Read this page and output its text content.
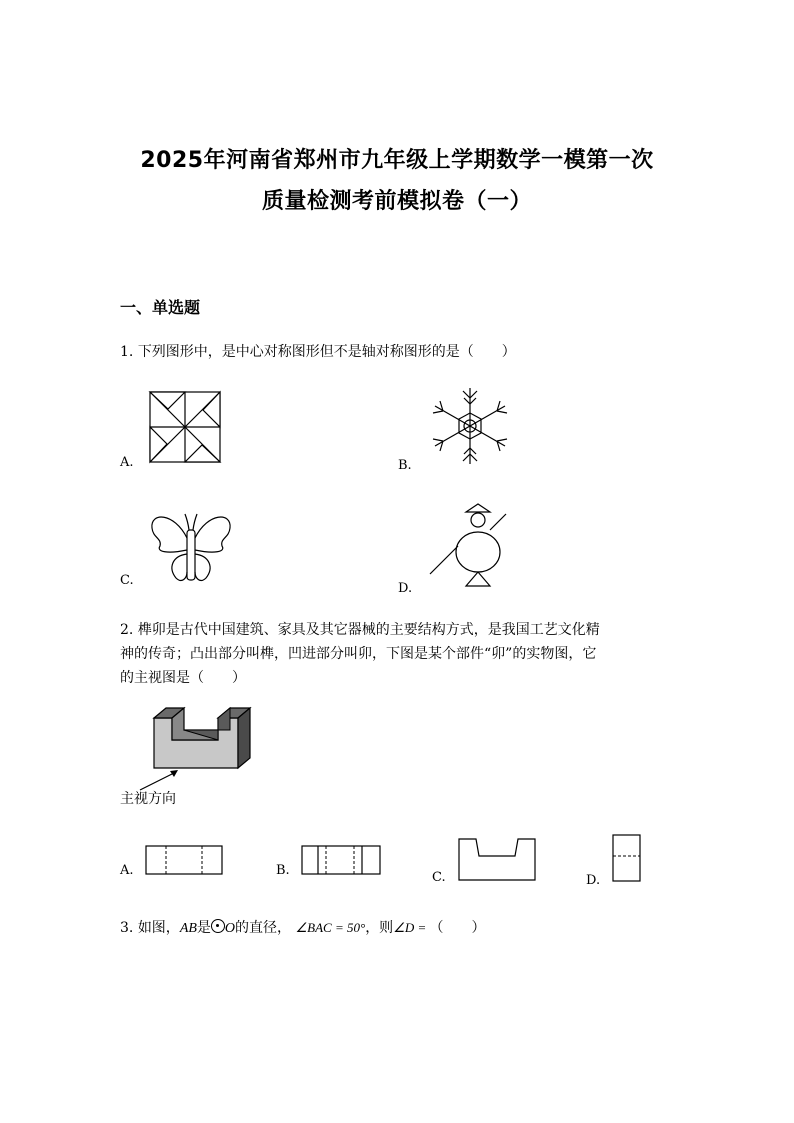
2025年河南省郑州市九年级上学期数学一模第一次
质量检测考前模拟卷（一）
一、单选题
1. 下列图形中，是中心对称图形但不是轴对称图形的是（　　）
A.	B.
C.
D.
2. 榫卯是古代中国建筑、家具及其它器械的主要结构方式，是我国工艺文化精
神的传奇；凸出部分叫榫，凹进部分叫卯，下图是某个部件“卯”的实物图，它
的主视图是（　　）
主视方向
A.	B.	C.	D.
3. 如图，AB是 O的直径， ∠BAC = 50°，则∠D = （　　）
